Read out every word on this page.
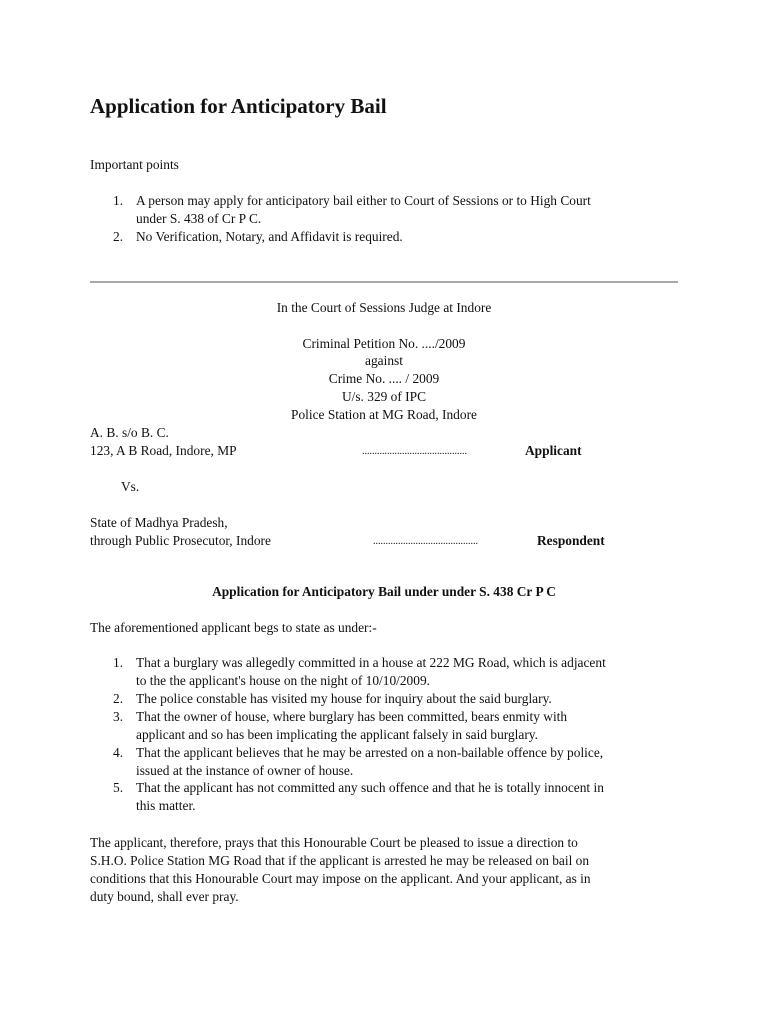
Application for Anticipatory Bail
Important points
1. A person may apply for anticipatory bail either to Court of Sessions or to High Court
under S. 438 of Cr P C.
2. No Verification, Notary, and Affidavit is required.
In the Court of Sessions Judge at Indore
Criminal Petition No. ..../2009
against
Crime No. .... / 2009
U/s. 329 of IPC
Police Station at MG Road, Indore
A. B. s/o B. C.
123, A B Road, Indore, MP	..........................................	Applicant
Vs.
State of Madhya Pradesh,
through Public Prosecutor, Indore	..........................................	Respondent
Application for Anticipatory Bail under under S. 438 Cr P C
The aforementioned applicant begs to state as under:-
1. That a burglary was allegedly committed in a house at 222 MG Road, which is adjacent
to the the applicant's house on the night of 10/10/2009.
2. The police constable has visited my house for inquiry about the said burglary.
3. That the owner of house, where burglary has been committed, bears enmity with
applicant and so has been implicating the applicant falsely in said burglary.
4. That the applicant believes that he may be arrested on a non-bailable offence by police,
issued at the instance of owner of house.
5. That the applicant has not committed any such offence and that he is totally innocent in
this matter.
The applicant, therefore, prays that this Honourable Court be pleased to issue a direction to
S.H.O. Police Station MG Road that if the applicant is arrested he may be released on bail on
conditions that this Honourable Court may impose on the applicant. And your applicant, as in
duty bound, shall ever pray.
